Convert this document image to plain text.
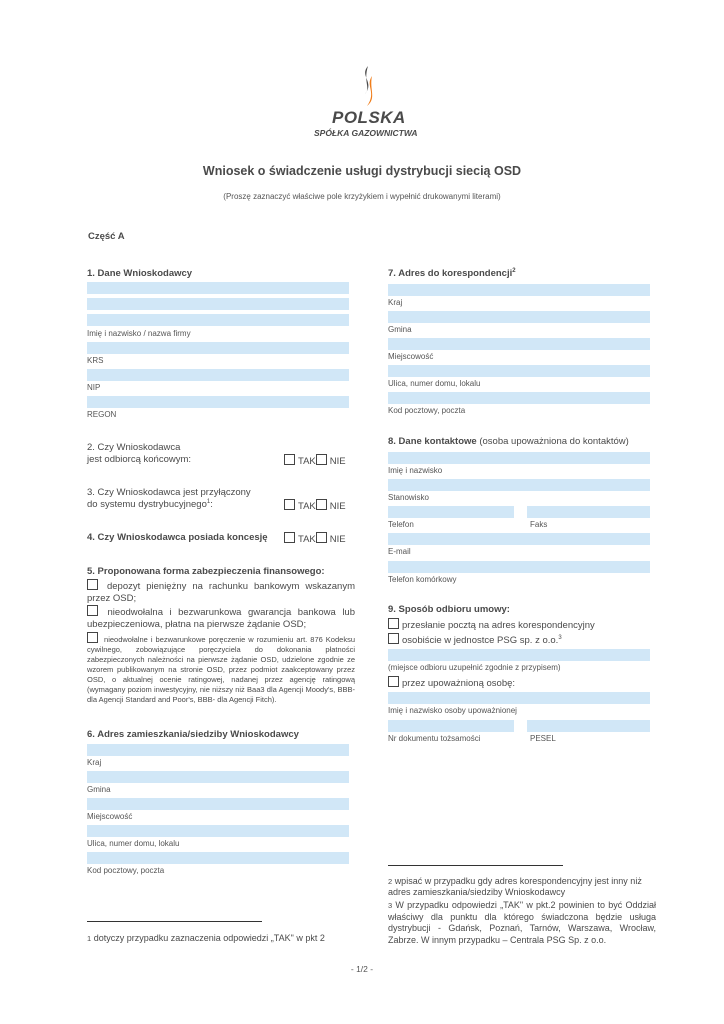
POLSKA
SPÓŁKA GAZOWNICTWA
Wniosek o świadczenie usługi dystrybucji siecią OSD
(Proszę zaznaczyć właściwe pole krzyżykiem i wypełnić drukowanymi literami)
Część A
1. Dane Wnioskodawcy
Imię i nazwisko / nazwa firmy
KRS
NIP
REGON
2. Czy Wnioskodawca
jest odbiorcą końcowym:	TAK NIE
3. Czy Wnioskodawca jest przyłączony
do systemu dystrybucyjnego$^1$:	TAK NIE
4. Czy Wnioskodawca posiada koncesję	TAK NIE
5. Proponowana forma zabezpieczenia finansowego:
depozyt pieniężny na rachunku bankowym wskazanym przez OSD;
nieodwołalna i bezwarunkowa gwarancja bankowa lub ubezpieczeniowa, płatna na pierwsze żądanie OSD;
nieodwołalne i bezwarunkowe poręczenie w rozumieniu art. 876 Kodeksu cywilnego, zobowiązujące poręczyciela do dokonania płatności zabezpieczonych należności na pierwsze żądanie OSD, udzielone zgodnie ze wzorem publikowanym na stronie OSD, przez podmiot zaakceptowany przez OSD, o aktualnej ocenie ratingowej, nadanej przez agencję ratingową (wymagany poziom inwestycyjny, nie niższy niż Baa3 dla Agencji Moody's, BBB- dla Agencji Standard and Poor's, BBB- dla Agencji Fitch).
6. Adres zamieszkania/siedziby Wnioskodawcy
Kraj
Gmina
Miejscowość
Ulica, numer domu, lokalu
Kod pocztowy, poczta
1 dotyczy przypadku zaznaczenia odpowiedzi „TAK" w pkt 2
7. Adres do korespondencji$^2$
Kraj
Gmina
Miejscowość
Ulica, numer domu, lokalu
Kod pocztowy, poczta
8. Dane kontaktowe (osoba upoważniona do kontaktów)
Imię i nazwisko
Stanowisko
Telefon	Faks
E-mail
Telefon komórkowy
9. Sposób odbioru umowy:
przesłanie pocztą na adres korespondencyjny
osobiście w jednostce PSG sp. z o.o.$^3$
(miejsce odbioru uzupełnić zgodnie z przypisem)
przez upoważnioną osobę:
Imię i nazwisko osoby upoważnionej
Nr dokumentu tożsamości	PESEL
2 wpisać w przypadku gdy adres korespondencyjny jest inny niż adres zamieszkania/siedziby Wnioskodawcy
3 W przypadku odpowiedzi „TAK" w pkt.2 powinien to być Oddział właściwy dla punktu dla którego świadczona będzie usługa dystrybucji - Gdańsk, Poznań, Tarnów, Warszawa, Wrocław, Zabrze. W innym przypadku – Centrala PSG Sp. z o.o.
- 1/2 -
